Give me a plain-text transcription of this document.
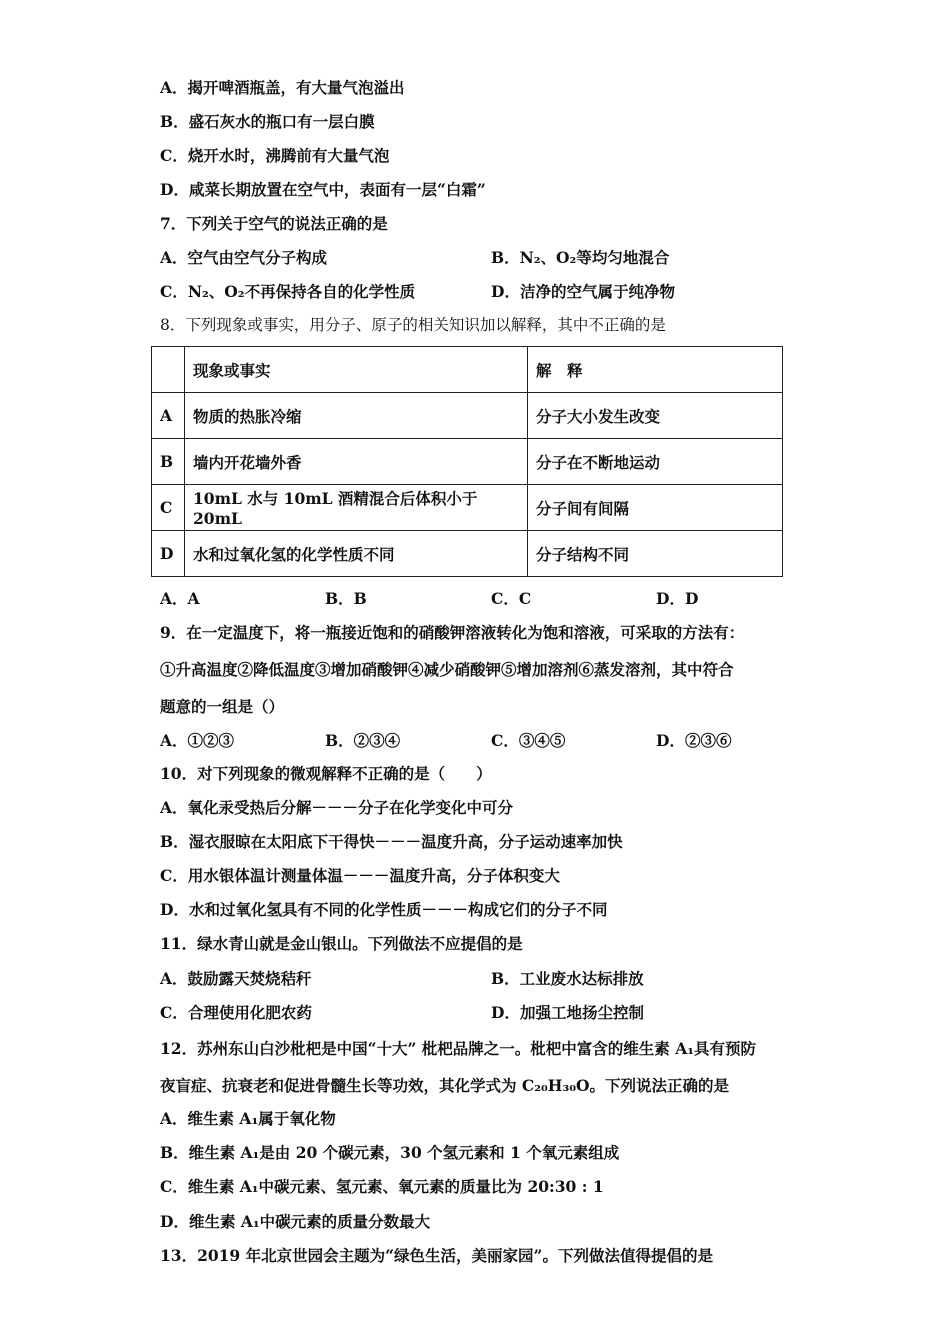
A．揭开啤酒瓶盖，有大量气泡溢出
B．盛石灰水的瓶口有一层白膜
C．烧开水时，沸腾前有大量气泡
D．咸菜长期放置在空气中，表面有一层“白霜”
7．下列关于空气的说法正确的是
A．空气由空气分子构成	B．N₂、O₂等均匀地混合
C．N₂、O₂不再保持各自的化学性质	D．洁净的空气属于纯净物
8．下列现象或事实，用分子、原子的相关知识加以解释，其中不正确的是
	现象或事实	解　释
A	物质的热胀冷缩	分子大小发生改变
B	墙内开花墙外香	分子在不断地运动
C	10mL 水与 10mL 酒精混合后体积小于 20mL	分子间有间隔
D	水和过氧化氢的化学性质不同	分子结构不同
A．A	B．B	C．C	D．D
9．在一定温度下，将一瓶接近饱和的硝酸钾溶液转化为饱和溶液，可采取的方法有：
①升高温度②降低温度③增加硝酸钾④减少硝酸钾⑤增加溶剂⑥蒸发溶剂，其中符合
题意的一组是（）
A．①②③	B．②③④	C．③④⑤	D．②③⑥
10．对下列现象的微观解释不正确的是（　　）
A．氧化汞受热后分解－－－分子在化学变化中可分
B．湿衣服晾在太阳底下干得快－－－温度升高，分子运动速率加快
C．用水银体温计测量体温－－－温度升高，分子体积变大
D．水和过氧化氢具有不同的化学性质－－－构成它们的分子不同
11．绿水青山就是金山银山。下列做法不应提倡的是
A．鼓励露天焚烧秸秆	B．工业废水达标排放
C．合理使用化肥农药	D．加强工地扬尘控制
12．苏州东山白沙枇杷是中国“十大” 枇杷品牌之一。枇杷中富含的维生素 A₁具有预防
夜盲症、抗衰老和促进骨髓生长等功效，其化学式为 C₂₀H₃₀O。下列说法正确的是
A．维生素 A₁属于氧化物
B．维生素 A₁是由 20 个碳元素，30 个氢元素和 1 个氧元素组成
C．维生素 A₁中碳元素、氢元素、氧元素的质量比为 20:30 : 1
D．维生素 A₁中碳元素的质量分数最大
13．2019 年北京世园会主题为“绿色生活，美丽家园”。下列做法值得提倡的是
